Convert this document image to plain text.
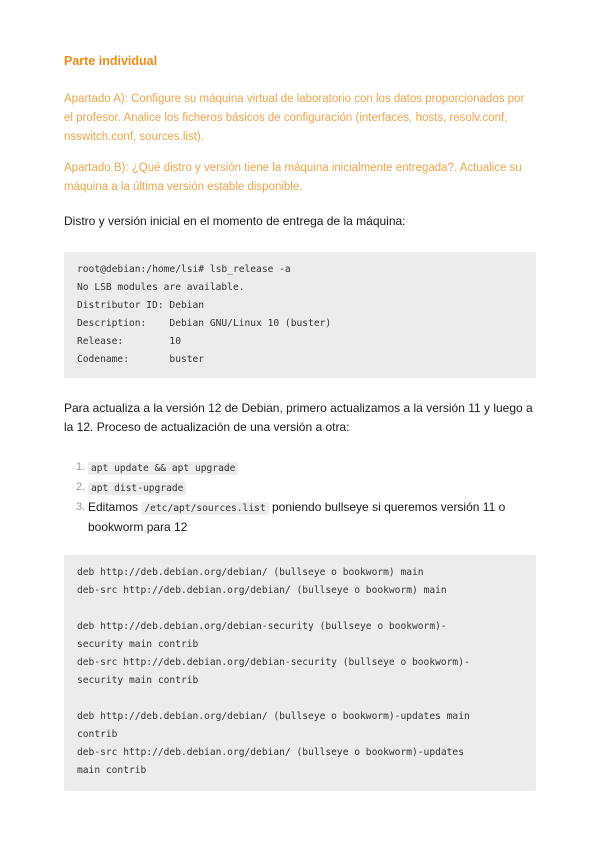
Parte individual

Apartado A): Configure su máquina virtual de laboratorio con los datos proporcionados por el profesor. Analice los ficheros básicos de configuración (interfaces, hosts, resolv.conf, nsswitch.conf, sources.list).

Apartado B): ¿Qué distro y versión tiene la máquina inicialmente entregada?. Actualice su máquina a la última versión estable disponible.

Distro y versión inicial en el momento de entrega de la máquina:

root@debian:/home/lsi# lsb_release -a
No LSB modules are available.
Distributor ID: Debian
Description:    Debian GNU/Linux 10 (buster)
Release:        10
Codename:       buster

Para actualiza a la versión 12 de Debian, primero actualizamos a la versión 11 y luego a la 12. Proceso de actualización de una versión a otra:

1. apt update && apt upgrade
2. apt dist-upgrade
3. Editamos /etc/apt/sources.list poniendo bullseye si queremos versión 11 o bookworm para 12
deb http://deb.debian.org/debian/ (bullseye o bookworm) main
deb-src http://deb.debian.org/debian/ (bullseye o bookworm) main
deb http://deb.debian.org/debian-security (bullseye o bookworm)-
security main contrib
deb-src http://deb.debian.org/debian-security (bullseye o bookworm)-
security main contrib
deb http://deb.debian.org/debian/ (bullseye o bookworm)-updates main
contrib
deb-src http://deb.debian.org/debian/ (bullseye o bookworm)-updates
main contrib
